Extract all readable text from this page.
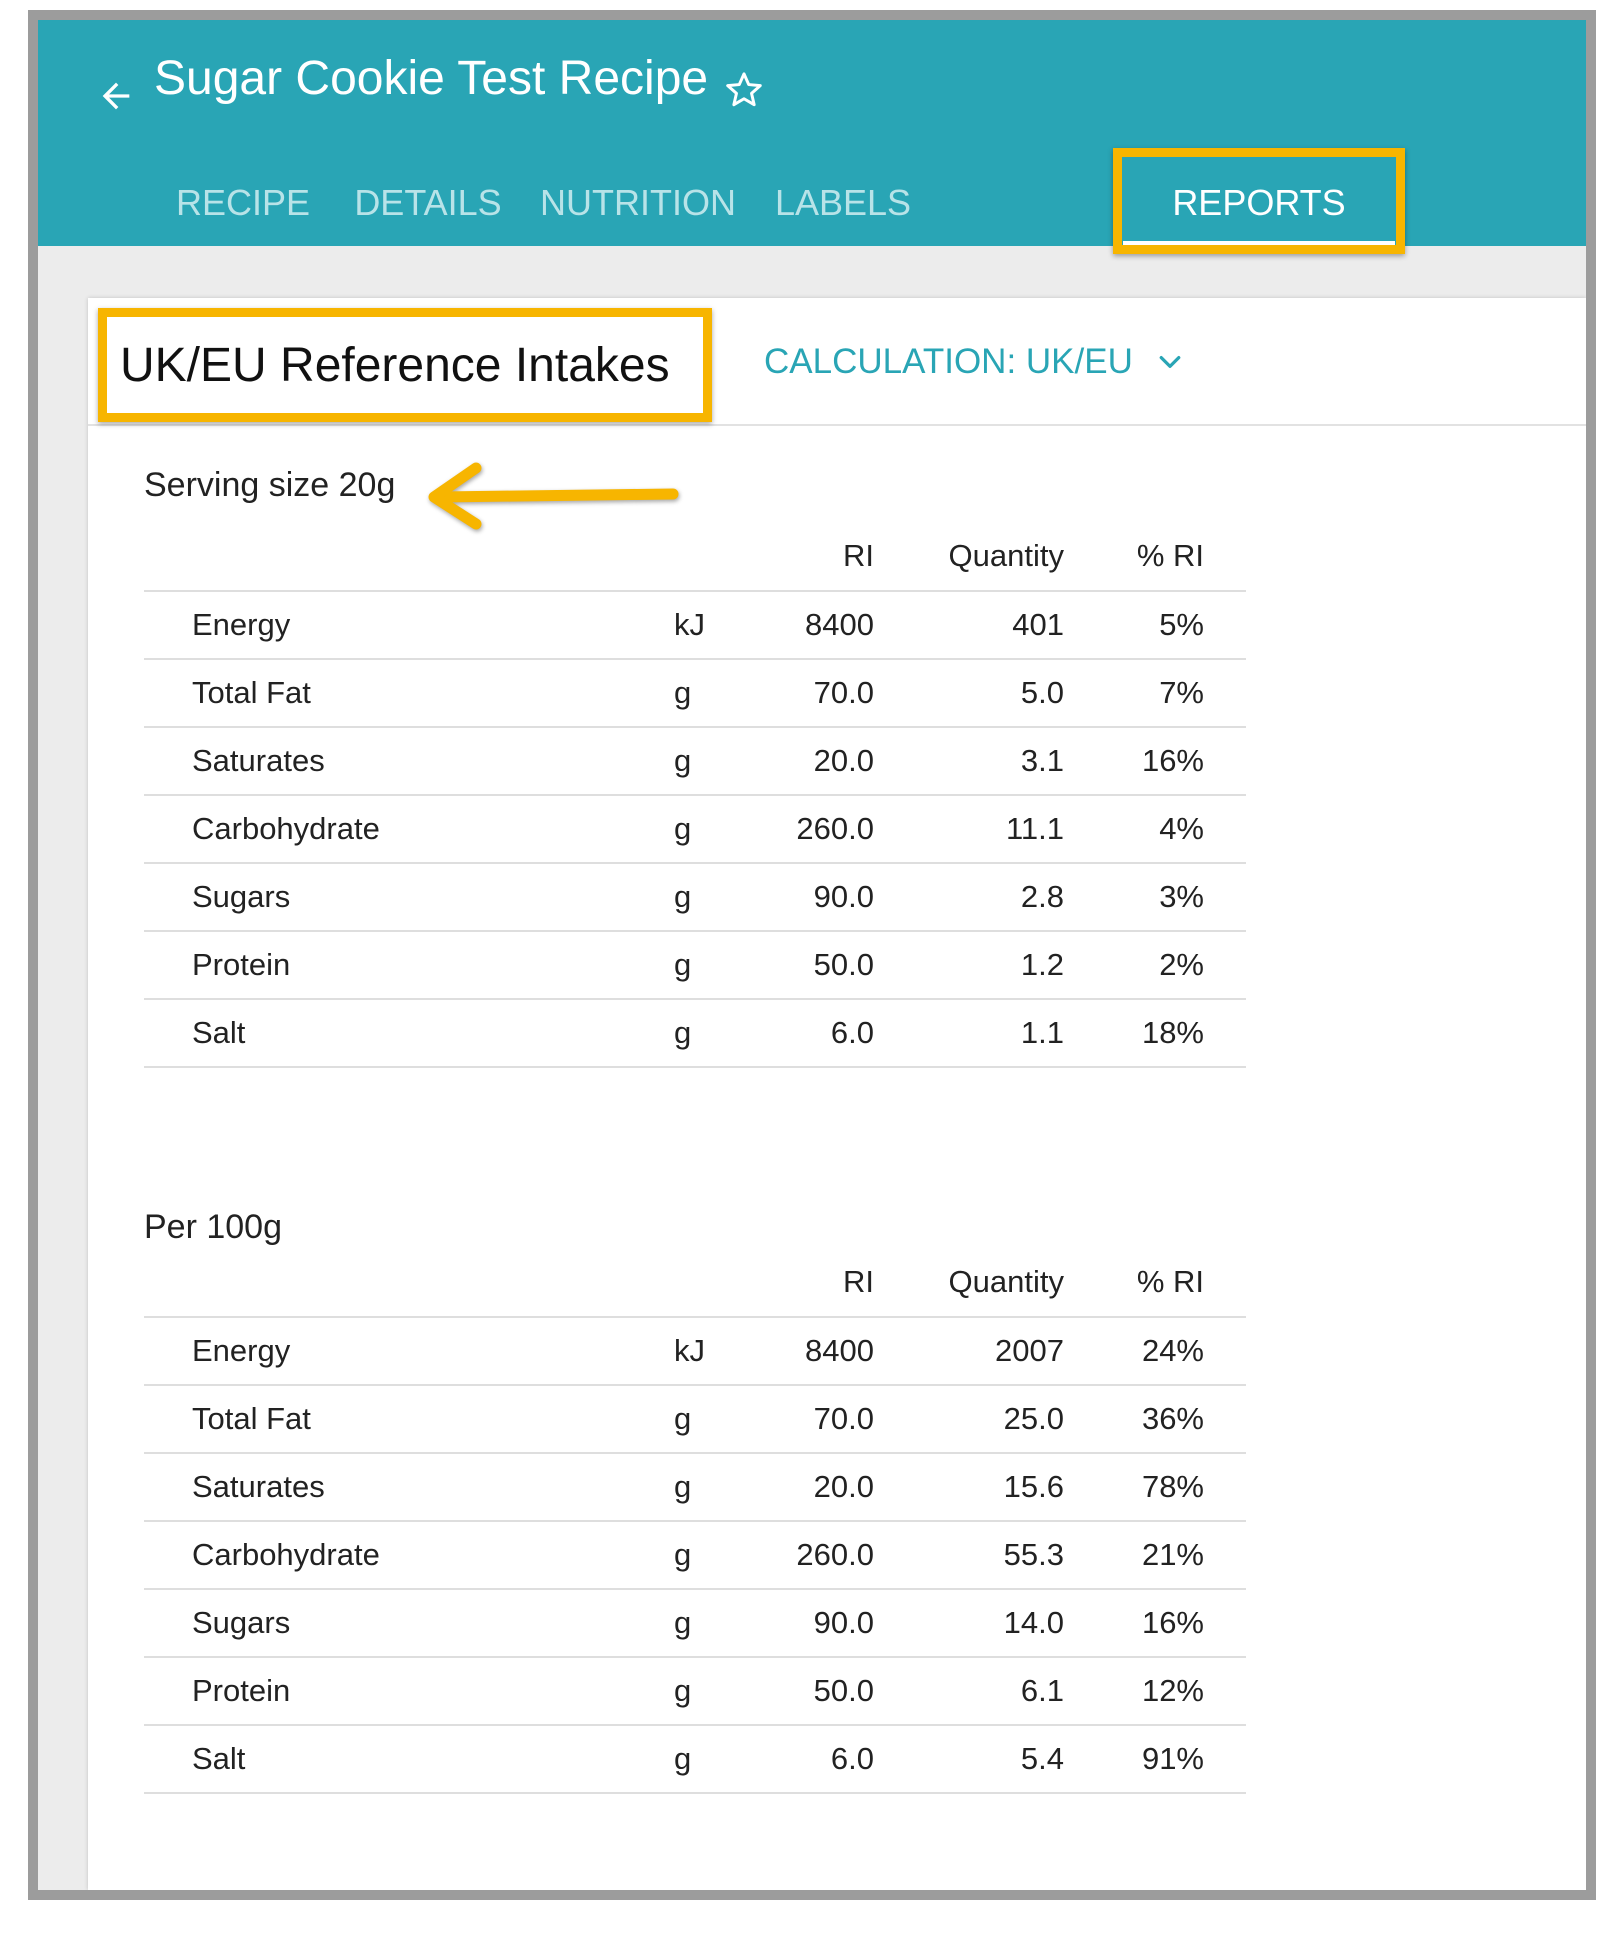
Sugar Cookie Test Recipe
RECIPE	DETAILS	NUTRITION	LABELS	REPORTS
UK/EU Reference Intakes	CALCULATION: UK/EU
Serving size 20g
		RI	Quantity	% RI	
Energy	kJ	8400	401	5%	
Total Fat	g	70.0	5.0	7%	
Saturates	g	20.0	3.1	16%	
Carbohydrate	g	260.0	11.1	4%	
Sugars	g	90.0	2.8	3%	
Protein	g	50.0	1.2	2%	
Salt	g	6.0	1.1	18%	
Per 100g
		RI	Quantity	% RI	
Energy	kJ	8400	2007	24%	
Total Fat	g	70.0	25.0	36%	
Saturates	g	20.0	15.6	78%	
Carbohydrate	g	260.0	55.3	21%	
Sugars	g	90.0	14.0	16%	
Protein	g	50.0	6.1	12%	
Salt	g	6.0	5.4	91%	
